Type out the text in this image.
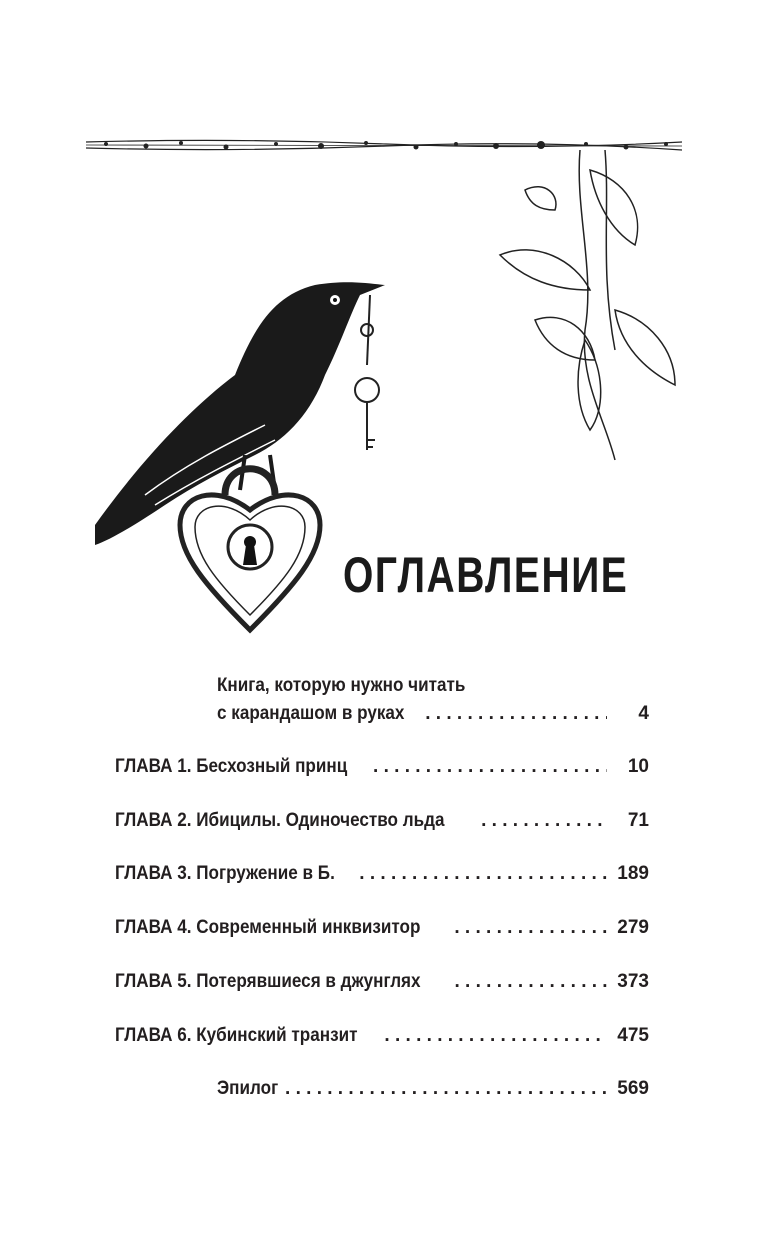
ОГЛАВЛЕНИЕ
Книга, которую нужно читать
с карандашом в руках . . .	4
ГЛАВА 1. Бесхозный принц . . .	10
ГЛАВА 2. Ибицилы. Одиночество льда . . .	71
ГЛАВА 3. Погружение в Б. . . .	189
ГЛАВА 4. Современный инквизитор . . .	279
ГЛАВА 5. Потерявшиеся в джунглях . . .	373
ГЛАВА 6. Кубинский транзит . . .	475
Эпилог . . .	569
